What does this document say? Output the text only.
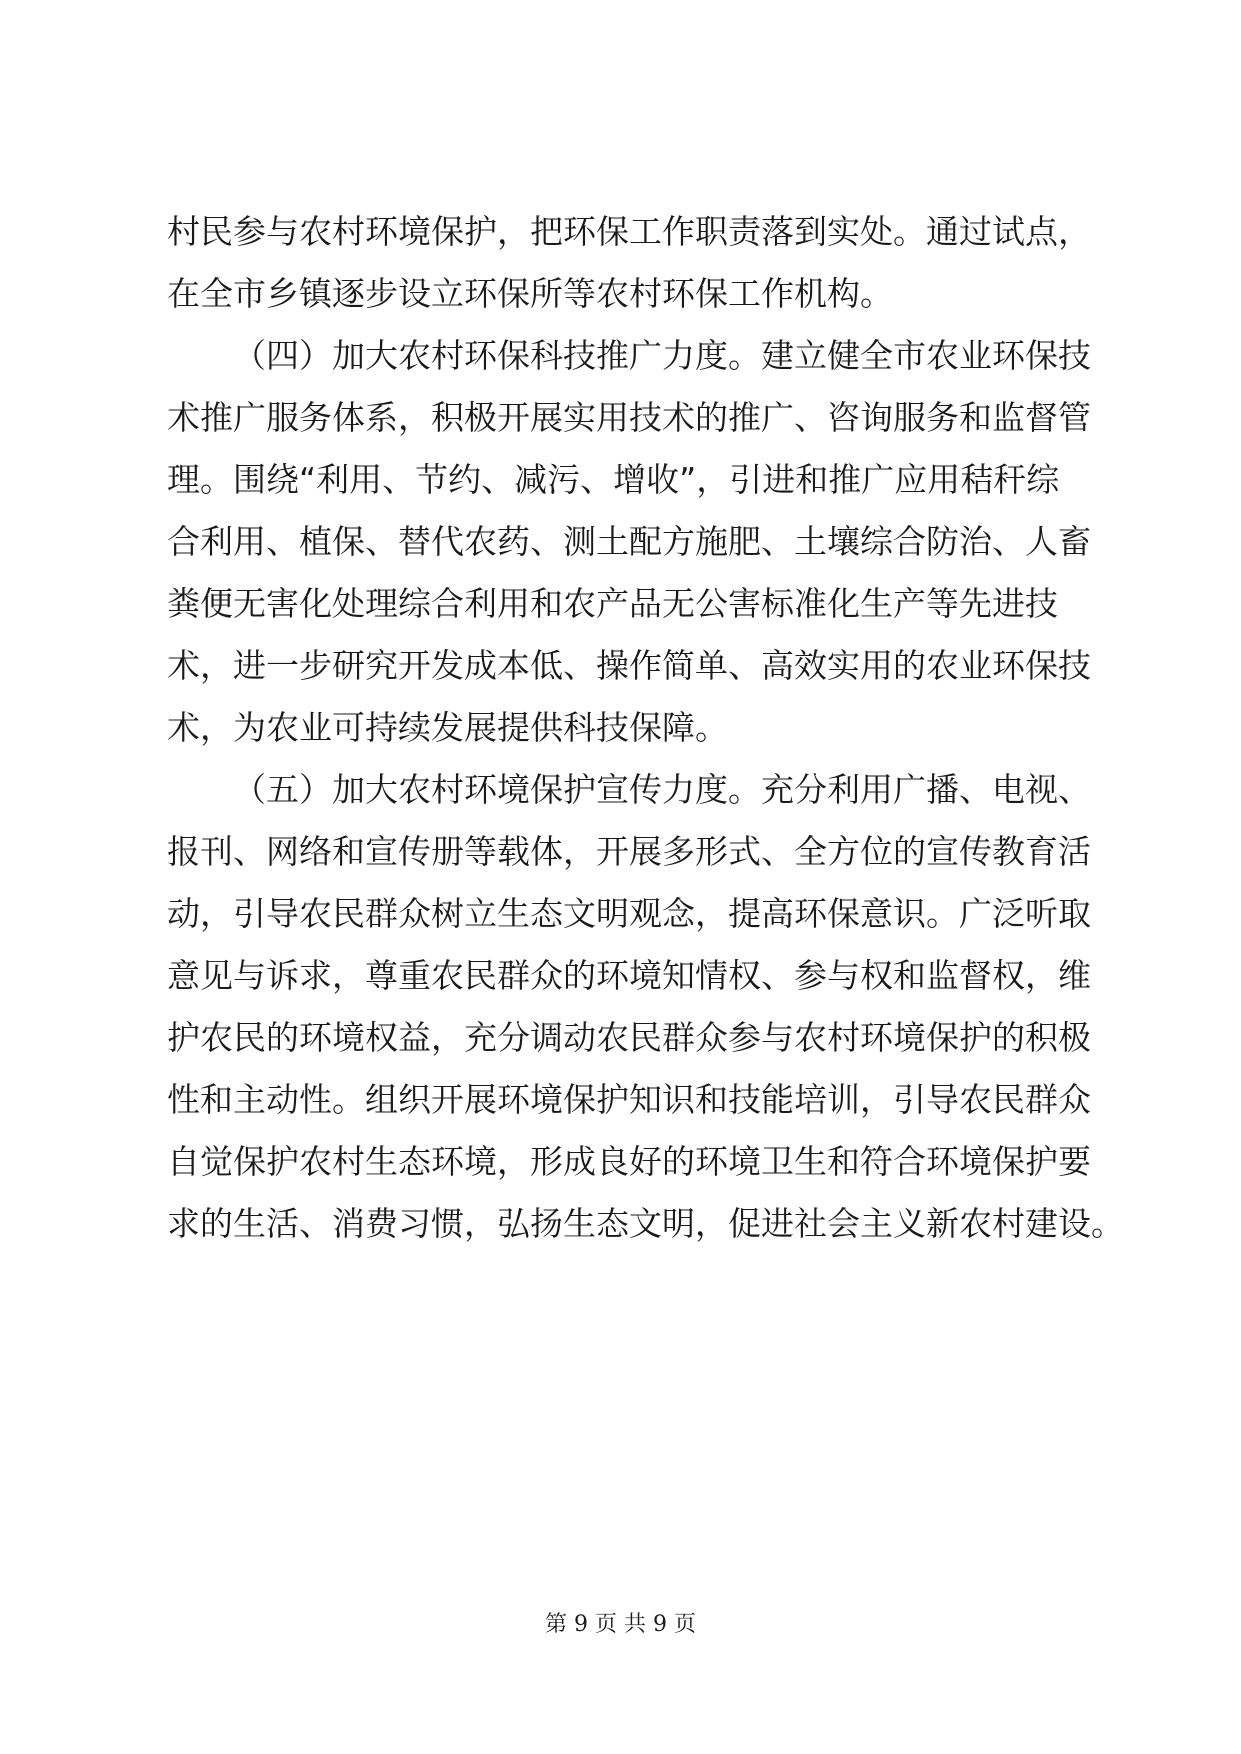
村民参与农村环境保护，把环保工作职责落到实处。通过试点，
在全市乡镇逐步设立环保所等农村环保工作机构。
（四）加大农村环保科技推广力度。建立健全市农业环保技
术推广服务体系，积极开展实用技术的推广、咨询服务和监督管
理。围绕“利用、节约、减污、增收”，引进和推广应用秸秆综
合利用、植保、替代农药、测土配方施肥、土壤综合防治、人畜
粪便无害化处理综合利用和农产品无公害标准化生产等先进技
术，进一步研究开发成本低、操作简单、高效实用的农业环保技
术，为农业可持续发展提供科技保障。
（五）加大农村环境保护宣传力度。充分利用广播、电视、
报刊、网络和宣传册等载体，开展多形式、全方位的宣传教育活
动，引导农民群众树立生态文明观念，提高环保意识。广泛听取
意见与诉求，尊重农民群众的环境知情权、参与权和监督权，维
护农民的环境权益，充分调动农民群众参与农村环境保护的积极
性和主动性。组织开展环境保护知识和技能培训，引导农民群众
自觉保护农村生态环境，形成良好的环境卫生和符合环境保护要
求的生活、消费习惯，弘扬生态文明，促进社会主义新农村建设。
第 9 页 共 9 页
